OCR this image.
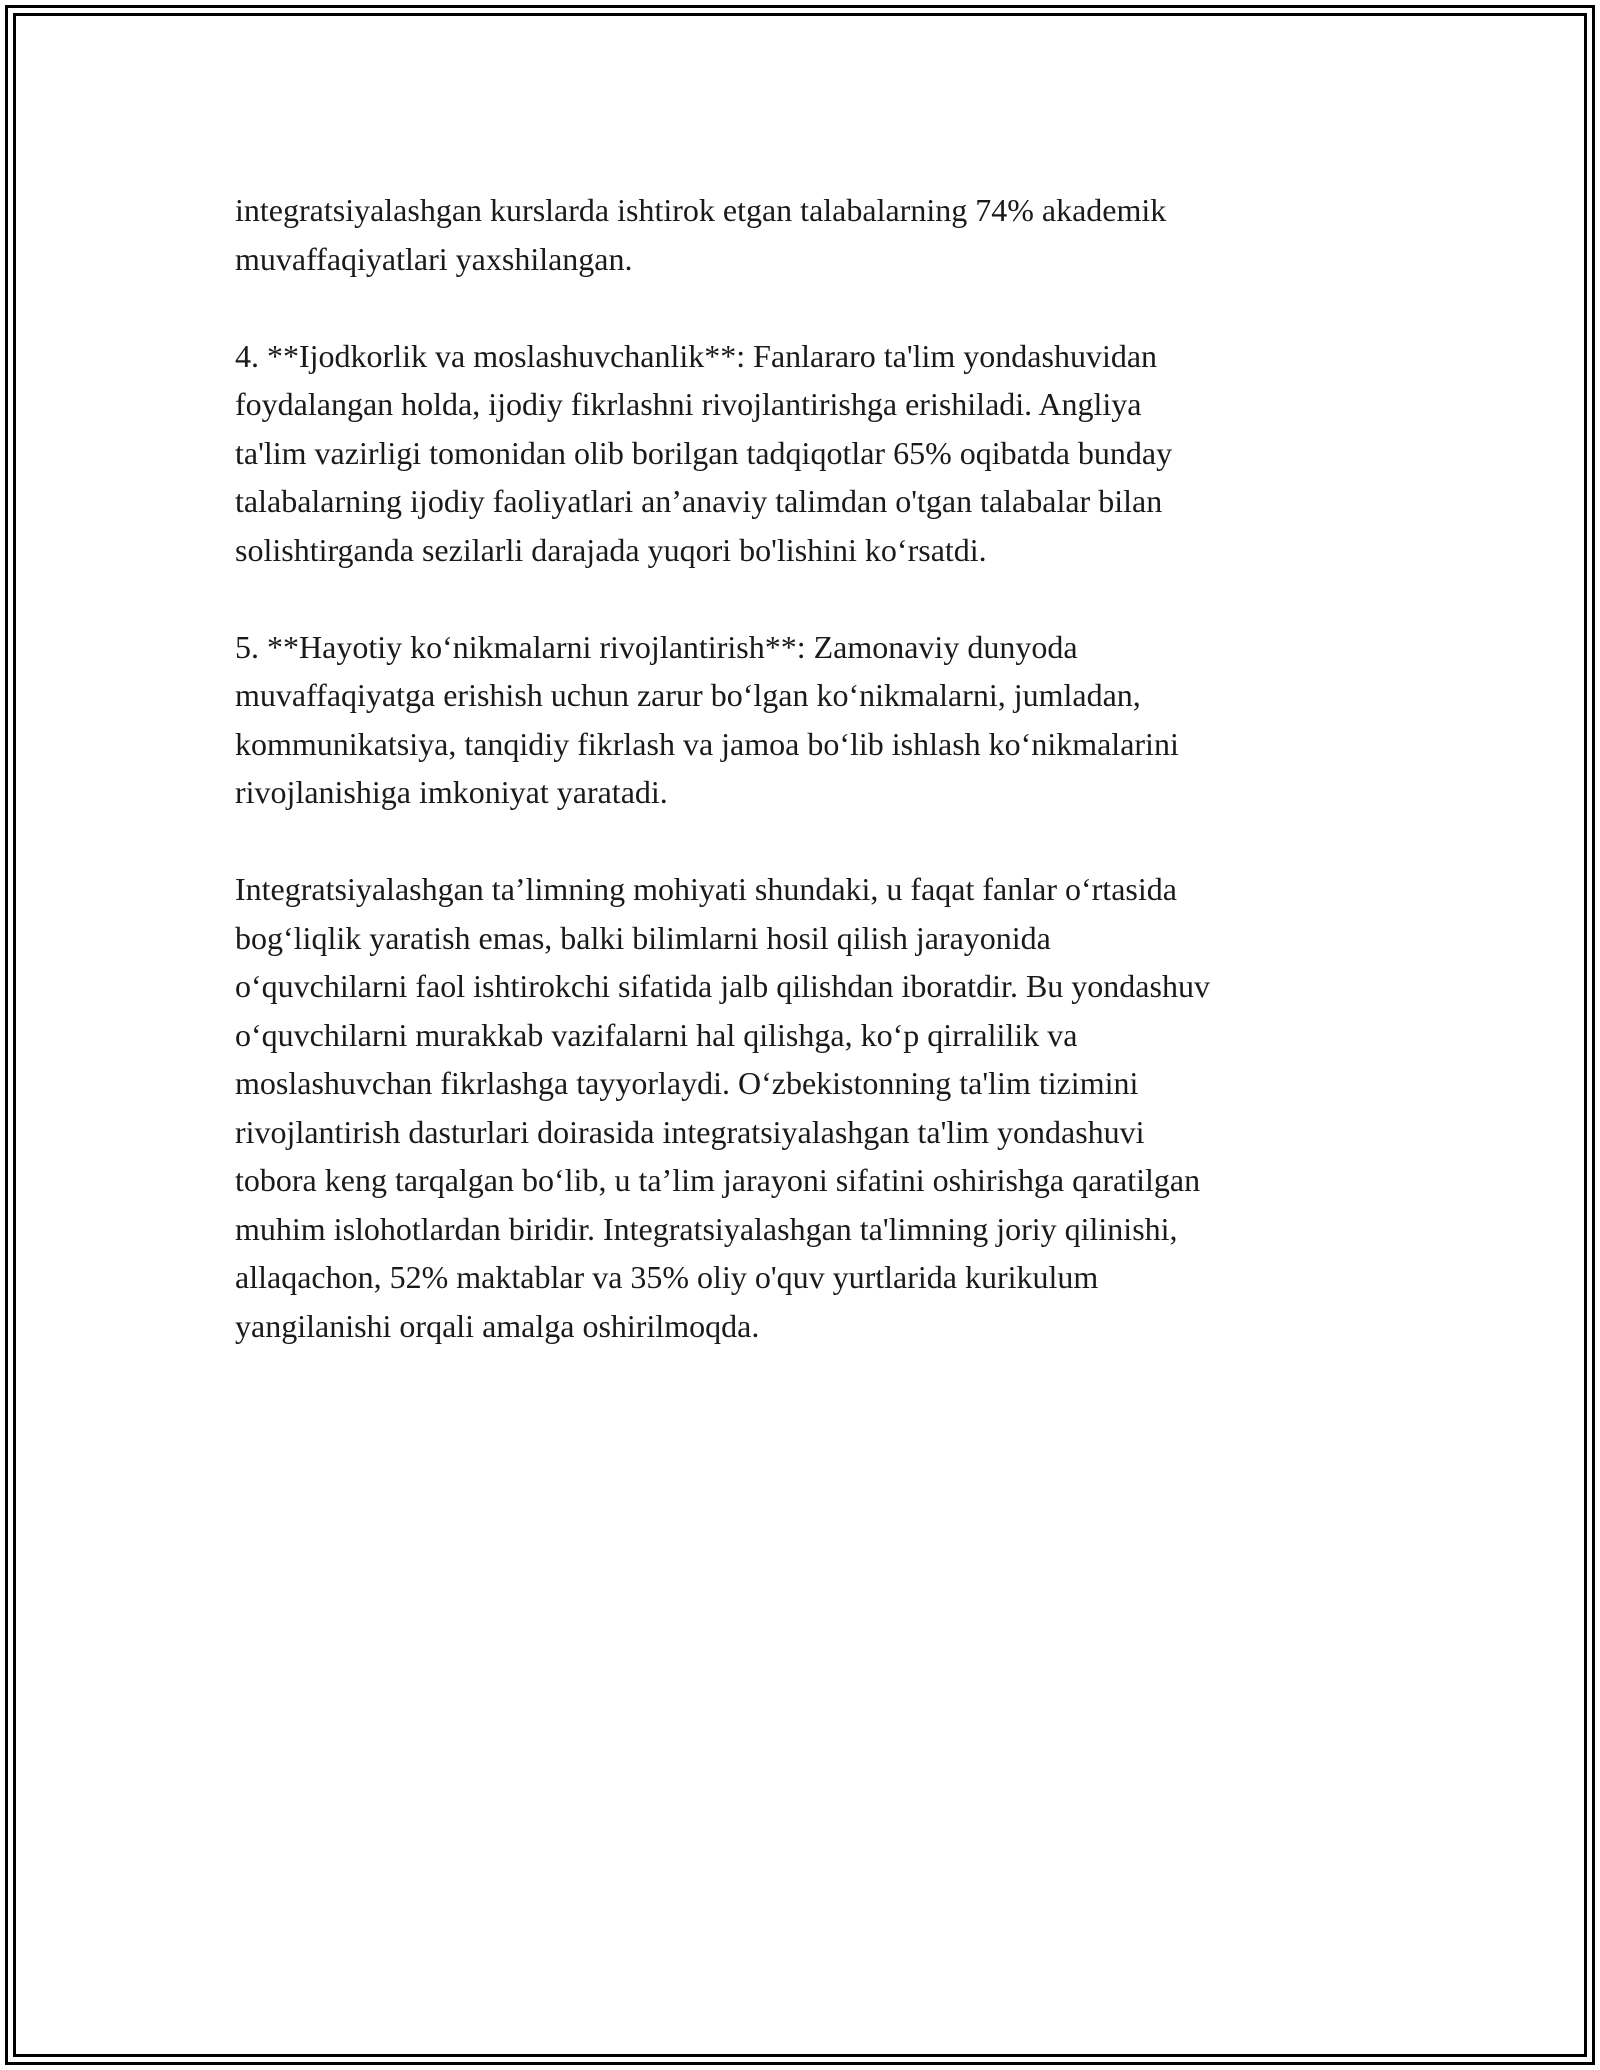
integratsiyalashgan kurslarda ishtirok etgan talabalarning 74% akademik
muvaffaqiyatlari yaxshilangan.

4. **Ijodkorlik va moslashuvchanlik**: Fanlararo ta'lim yondashuvidan
foydalangan holda, ijodiy fikrlashni rivojlantirishga erishiladi. Angliya
ta'lim vazirligi tomonidan olib borilgan tadqiqotlar 65% oqibatda bunday
talabalarning ijodiy faoliyatlari an’anaviy talimdan o'tgan talabalar bilan
solishtirganda sezilarli darajada yuqori bo'lishini ko‘rsatdi.

5. **Hayotiy ko‘nikmalarni rivojlantirish**: Zamonaviy dunyoda
muvaffaqiyatga erishish uchun zarur bo‘lgan ko‘nikmalarni, jumladan,
kommunikatsiya, tanqidiy fikrlash va jamoa bo‘lib ishlash ko‘nikmalarini
rivojlanishiga imkoniyat yaratadi.

Integratsiyalashgan ta’limning mohiyati shundaki, u faqat fanlar o‘rtasida
bog‘liqlik yaratish emas, balki bilimlarni hosil qilish jarayonida
o‘quvchilarni faol ishtirokchi sifatida jalb qilishdan iboratdir. Bu yondashuv
o‘quvchilarni murakkab vazifalarni hal qilishga, ko‘p qirralilik va
moslashuvchan fikrlashga tayyorlaydi. O‘zbekistonning ta'lim tizimini
rivojlantirish dasturlari doirasida integratsiyalashgan ta'lim yondashuvi
tobora keng tarqalgan bo‘lib, u ta’lim jarayoni sifatini oshirishga qaratilgan
muhim islohotlardan biridir. Integratsiyalashgan ta'limning joriy qilinishi,
allaqachon, 52% maktablar va 35% oliy o'quv yurtlarida kurikulum
yangilanishi orqali amalga oshirilmoqda.
